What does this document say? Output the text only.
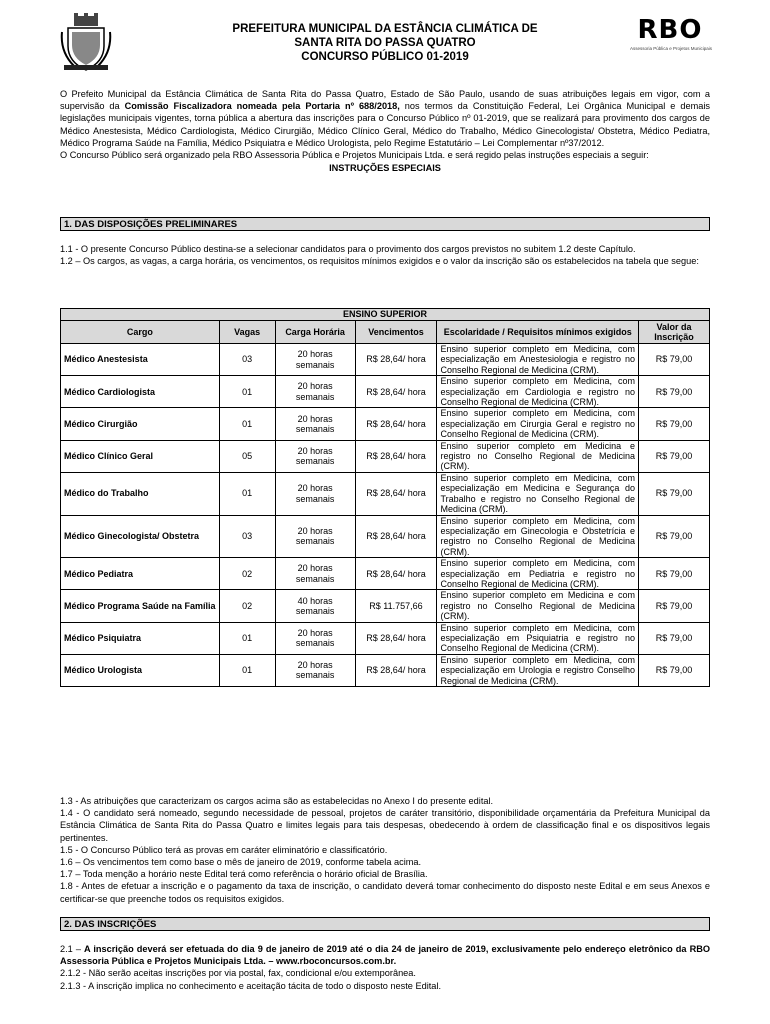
PREFEITURA MUNICIPAL DA ESTÂNCIA CLIMÁTICA DE
SANTA RITA DO PASSA QUATRO
CONCURSO PÚBLICO 01-2019
RBO
Assessoria Pública e Projetos Municipais

O Prefeito Municipal da Estância Climática de Santa Rita do Passa Quatro, Estado de São Paulo, usando de suas atribuições legais em vigor, com a supervisão da Comissão Fiscalizadora nomeada pela Portaria nº 688/2018, nos termos da Constituição Federal, Lei Orgânica Municipal e demais legislações municipais vigentes, torna pública a abertura das inscrições para o Concurso Público nº 01-2019, que se realizará para provimento dos cargos de Médico Anestesista, Médico Cardiologista, Médico Cirurgião, Médico Clínico Geral, Médico do Trabalho, Médico Ginecologista/ Obstetra, Médico Pediatra, Médico Programa Saúde na Família, Médico Psiquiatra e Médico Urologista, pelo Regime Estatutário – Lei Complementar nº37/2012.

O Concurso Público será organizado pela RBO Assessoria Pública e Projetos Municipais Ltda. e será regido pelas instruções especiais a seguir:

INSTRUÇÕES ESPECIAIS

1. DAS DISPOSIÇÕES PRELIMINARES

1.1 - O presente Concurso Público destina-se a selecionar candidatos para o provimento dos cargos previstos no subitem 1.2 deste Capítulo.

1.2 – Os cargos, as vagas, a carga horária, os vencimentos, os requisitos mínimos exigidos e o valor da inscrição são os estabelecidos na tabela que segue:

ENSINO SUPERIOR					
Cargo	Vagas	Carga Horária	Vencimentos	Escolaridade / Requisitos mínimos exigidos	Valor da Inscrição
Médico Anestesista	03	20 horas semanais	R$ 28,64/ hora	Ensino superior completo em Medicina, com especialização em Anestesiologia e registro no Conselho Regional de Medicina (CRM).	R$ 79,00
Médico Cardiologista	01	20 horas semanais	R$ 28,64/ hora	Ensino superior completo em Medicina, com especialização em Cardiologia e registro no Conselho Regional de Medicina (CRM).	R$ 79,00
Médico Cirurgião	01	20 horas semanais	R$ 28,64/ hora	Ensino superior completo em Medicina, com especialização em Cirurgia Geral e registro no Conselho Regional de Medicina (CRM).	R$ 79,00
Médico Clínico Geral	05	20 horas semanais	R$ 28,64/ hora	Ensino superior completo em Medicina e registro no Conselho Regional de Medicina (CRM).	R$ 79,00
Médico do Trabalho	01	20 horas semanais	R$ 28,64/ hora	Ensino superior completo em Medicina, com especialização em Medicina e Segurança do Trabalho e registro no Conselho Regional de Medicina (CRM).	R$ 79,00
Médico Ginecologista/ Obstetra	03	20 horas semanais	R$ 28,64/ hora	Ensino superior completo em Medicina, com especialização em Ginecologia e Obstetrícia e registro no Conselho Regional de Medicina (CRM).	R$ 79,00
Médico Pediatra	02	20 horas semanais	R$ 28,64/ hora	Ensino superior completo em Medicina, com especialização em Pediatria e registro no Conselho Regional de Medicina (CRM).	R$ 79,00
Médico Programa Saúde na Família	02	40 horas semanais	R$ 11.757,66	Ensino superior completo em Medicina e com registro no Conselho Regional de Medicina (CRM).	R$ 79,00
Médico Psiquiatra	01	20 horas semanais	R$ 28,64/ hora	Ensino superior completo em Medicina, com especialização em Psiquiatria e registro no Conselho Regional de Medicina (CRM).	R$ 79,00
Médico Urologista	01	20 horas semanais	R$ 28,64/ hora	Ensino superior completo em Medicina, com especialização em Urologia e registro Conselho Regional de Medicina (CRM).	R$ 79,00

1.3 - As atribuições que caracterizam os cargos acima são as estabelecidas no Anexo I do presente edital.

1.4 - O candidato será nomeado, segundo necessidade de pessoal, projetos de caráter transitório, disponibilidade orçamentária da Prefeitura Municipal da Estância Climática de Santa Rita do Passa Quatro e limites legais para tais despesas, obedecendo à ordem de classificação final e os dispositivos legais pertinentes.

1.5 - O Concurso Público terá as provas em caráter eliminatório e classificatório.

1.6 – Os vencimentos tem como base o mês de janeiro de 2019, conforme tabela acima.

1.7 – Toda menção a horário neste Edital terá como referência o horário oficial de Brasília.

1.8 - Antes de efetuar a inscrição e o pagamento da taxa de inscrição, o candidato deverá tomar conhecimento do disposto neste Edital e em seus Anexos e certificar-se que preenche todos os requisitos exigidos.

2. DAS INSCRIÇÕES

2.1 – A inscrição deverá ser efetuada do dia 9 de janeiro de 2019 até o dia 24 de janeiro de 2019, exclusivamente pelo endereço eletrônico da RBO Assessoria Pública e Projetos Municipais Ltda. – www.rboconcursos.com.br.

2.1.2 - Não serão aceitas inscrições por via postal, fax, condicional e/ou extemporânea.

2.1.3 - A inscrição implica no conhecimento e aceitação tácita de todo o disposto neste Edital.
